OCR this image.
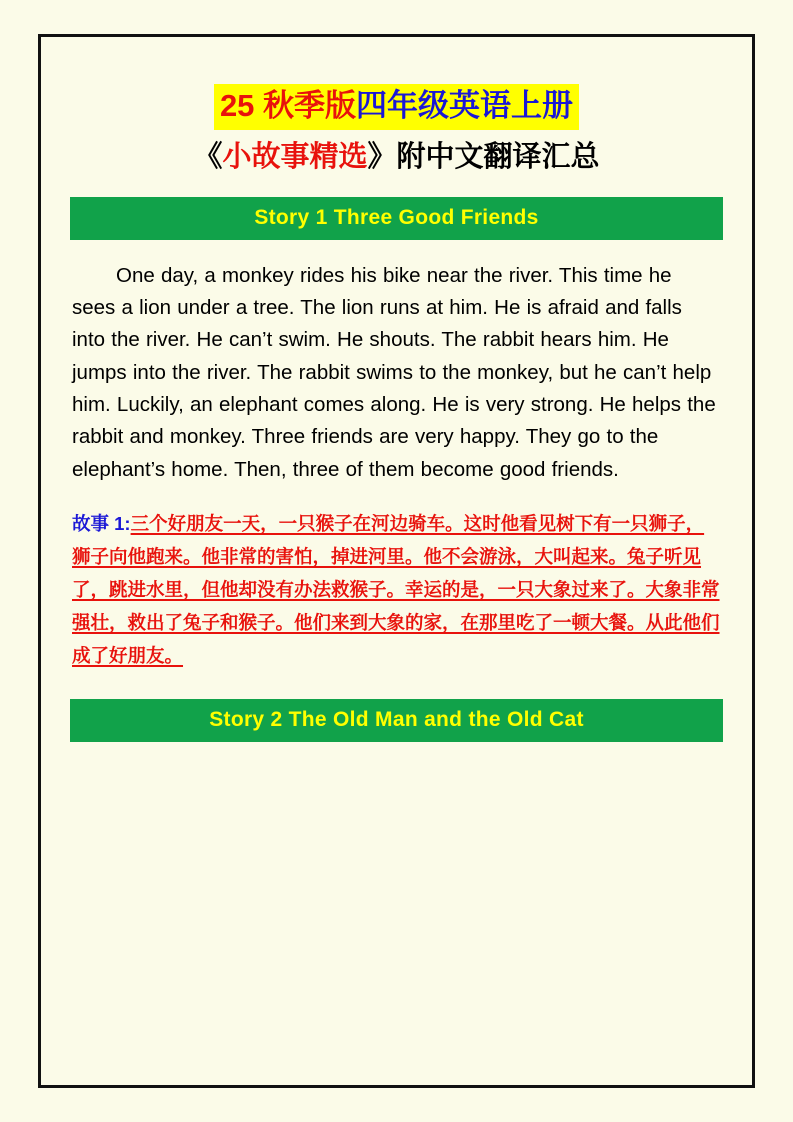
25 秋季版四年级英语上册
《小故事精选》附中文翻译汇总
Story 1 Three Good Friends

One day, a monkey rides his bike near the river. This time he sees a lion under a tree. The lion runs at him. He is afraid and falls into the river. He can’t swim. He shouts. The rabbit hears him. He jumps into the river. The rabbit swims to the monkey, but he can’t help him. Luckily, an elephant comes along. He is very strong. He helps the rabbit and monkey. Three friends are very happy. They go to the elephant’s home. Then, three of them become good friends.

故事 1:三个好朋友一天，一只猴子在河边骑车。这时他看见树下有一只狮子，狮子向他跑来。他非常的害怕，掉进河里。他不会游泳，大叫起来。兔子听见了，跳进水里，但他却没有办法救猴子。幸运的是，一只大象过来了。大象非常强壮，救出了兔子和猴子。他们来到大象的家，在那里吃了一顿大餐。从此他们成了好朋友。
Story 2 The Old Man and the Old Cat
